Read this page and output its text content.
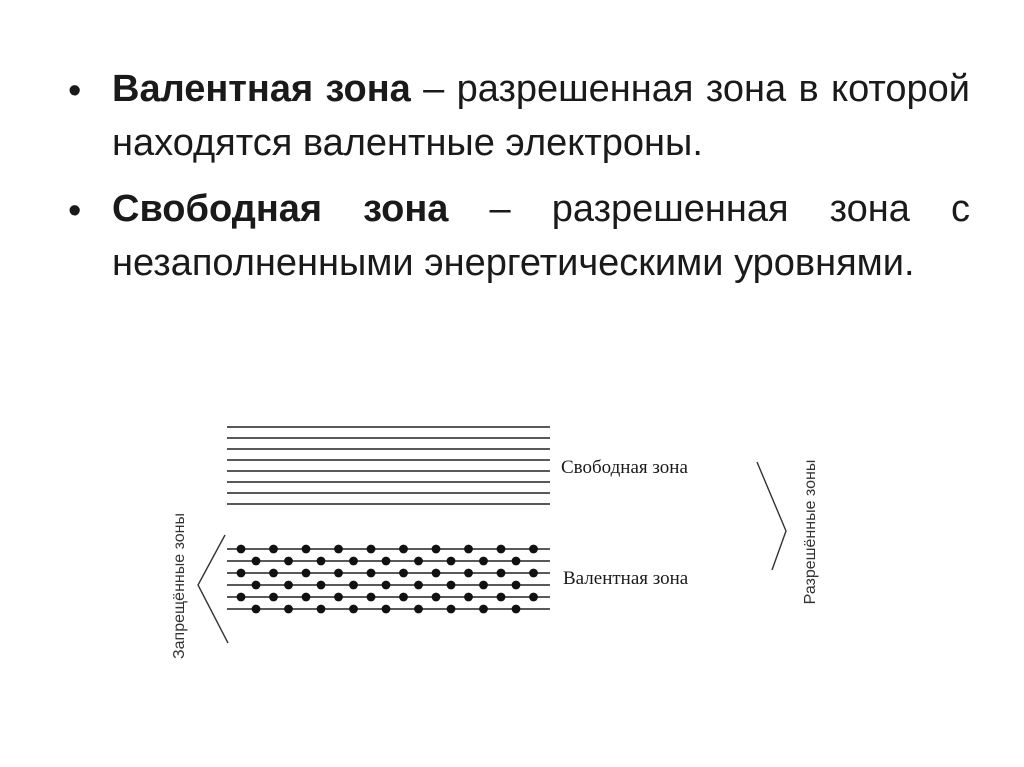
• Валентная зона – разрешенная зона в которой находятся валентные электроны.
• Свободная зона – разрешенная зона с незаполненными энергетическими уровнями.
Свободная зона
Валентная зона	Разрешённые зоны
Запрещённые зоны
